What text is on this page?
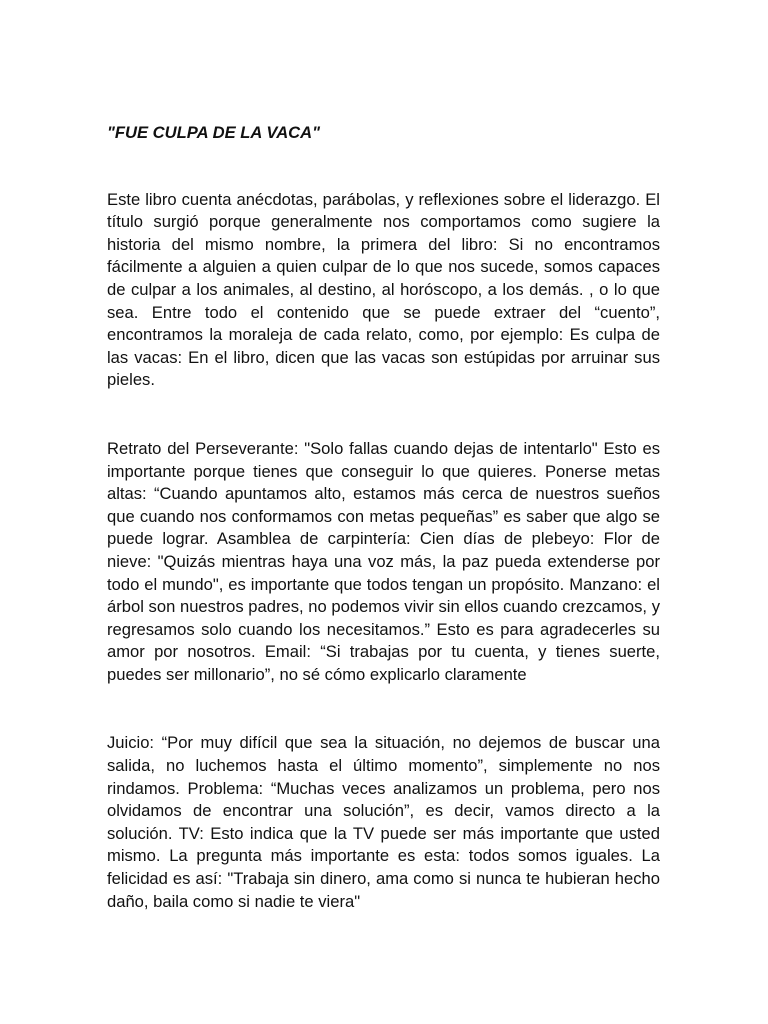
"FUE CULPA DE LA VACA"

Este libro cuenta anécdotas, parábolas, y reflexiones sobre el liderazgo. El título surgió porque generalmente nos comportamos como sugiere la historia del mismo nombre, la primera del libro: Si no encontramos fácilmente a alguien a quien culpar de lo que nos sucede, somos capaces de culpar a los animales, al destino, al horóscopo, a los demás. , o lo que sea. Entre todo el contenido que se puede extraer del “cuento”, encontramos la moraleja de cada relato, como, por ejemplo: Es culpa de las vacas: En el libro, dicen que las vacas son estúpidas por arruinar sus pieles.

Retrato del Perseverante: "Solo fallas cuando dejas de intentarlo" Esto es importante porque tienes que conseguir lo que quieres. Ponerse metas altas: “Cuando apuntamos alto, estamos más cerca de nuestros sueños que cuando nos conformamos con metas pequeñas” es saber que algo se puede lograr. Asamblea de carpintería: Cien días de plebeyo: Flor de nieve: "Quizás mientras haya una voz más, la paz pueda extenderse por todo el mundo", es importante que todos tengan un propósito. Manzano: el árbol son nuestros padres, no podemos vivir sin ellos cuando crezcamos, y regresamos solo cuando los necesitamos.” Esto es para agradecerles su amor por nosotros. Email: “Si trabajas por tu cuenta, y tienes suerte, puedes ser millonario”, no sé cómo explicarlo claramente

Juicio: “Por muy difícil que sea la situación, no dejemos de buscar una salida, no luchemos hasta el último momento”, simplemente no nos rindamos. Problema: “Muchas veces analizamos un problema, pero nos olvidamos de encontrar una solución”, es decir, vamos directo a la solución. TV: Esto indica que la TV puede ser más importante que usted mismo. La pregunta más importante es esta: todos somos iguales. La felicidad es así: "Trabaja sin dinero, ama como si nunca te hubieran hecho daño, baila como si nadie te viera"
